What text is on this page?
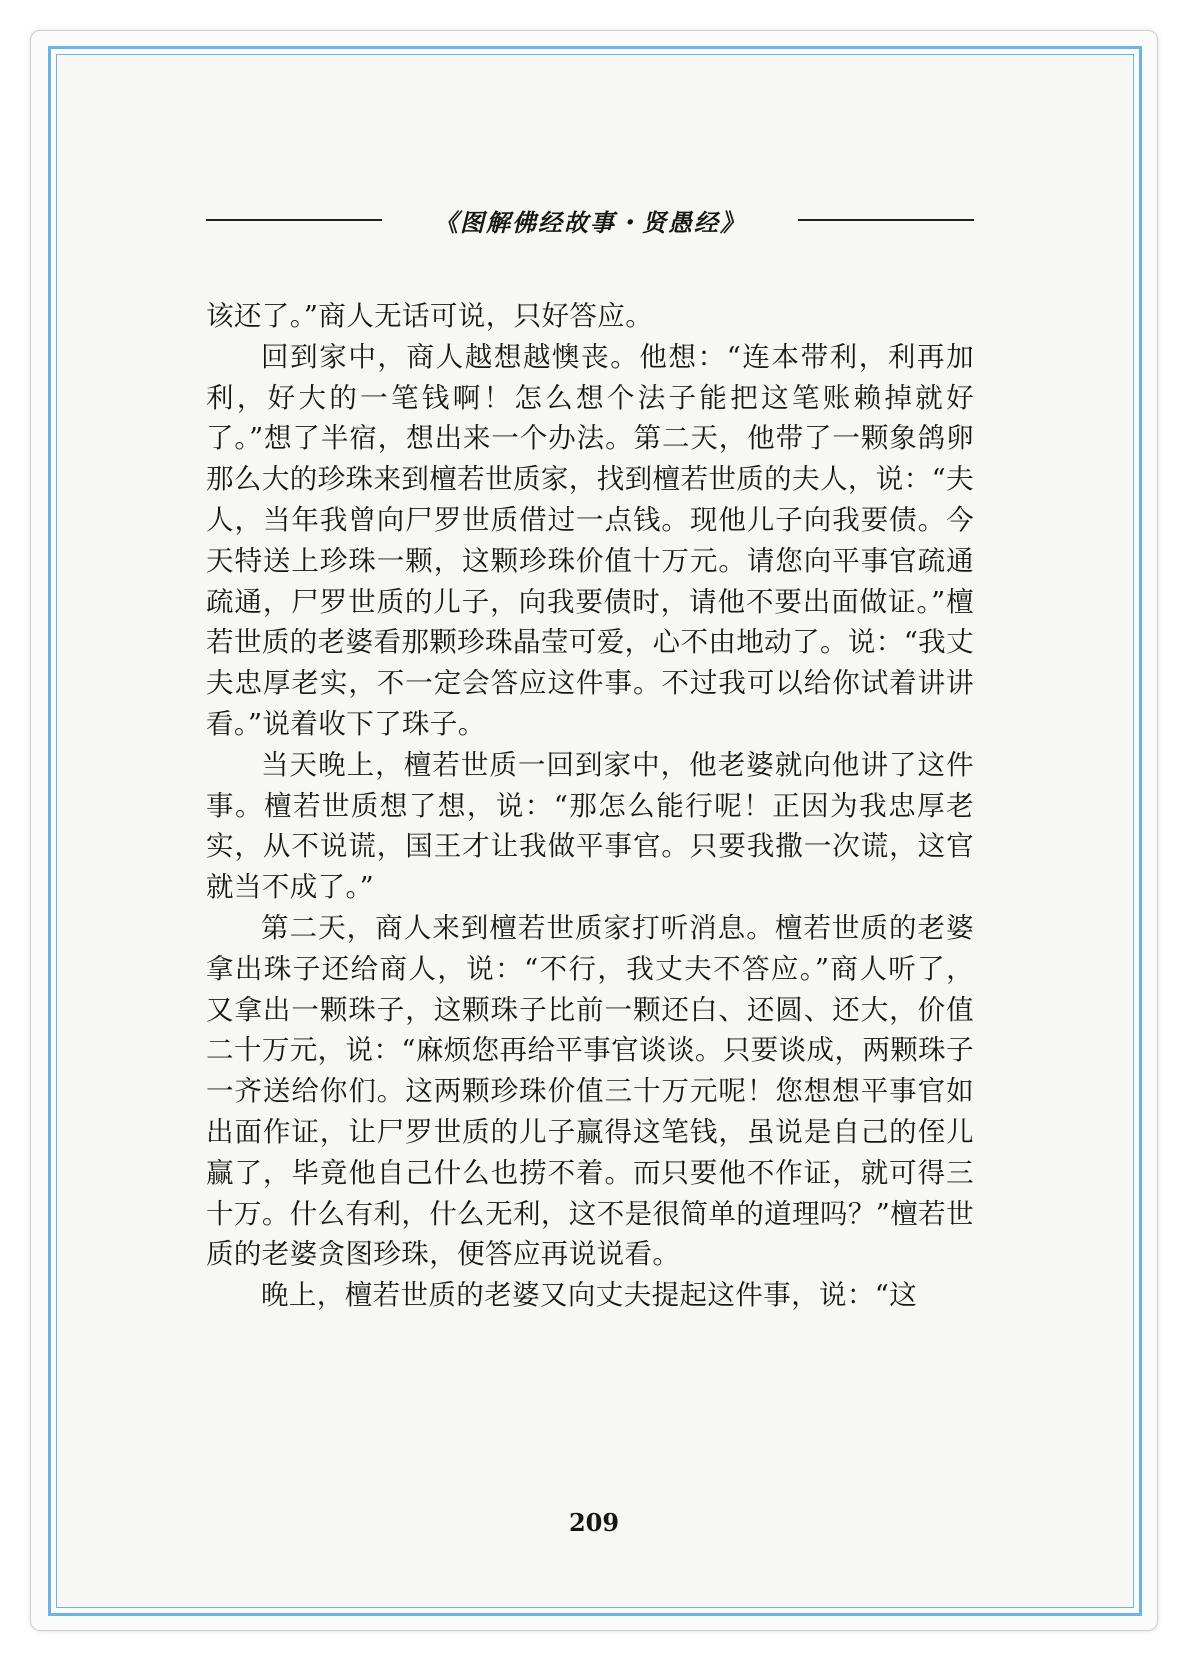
《图解佛经故事・贤愚经》

该还了。”商人无话可说，只好答应。

回到家中，商人越想越懊丧。他想：“连本带利，利再加利，好大的一笔钱啊！怎么想个法子能把这笔账赖掉就好了。”想了半宿，想出来一个办法。第二天，他带了一颗象鸽卵那么大的珍珠来到檀若世质家，找到檀若世质的夫人，说：“夫人，当年我曾向尸罗世质借过一点钱。现他儿子向我要债。今天特送上珍珠一颗，这颗珍珠价值十万元。请您向平事官疏通疏通，尸罗世质的儿子，向我要债时，请他不要出面做证。”檀若世质的老婆看那颗珍珠晶莹可爱，心不由地动了。说：“我丈夫忠厚老实，不一定会答应这件事。不过我可以给你试着讲讲看。”说着收下了珠子。

当天晚上，檀若世质一回到家中，他老婆就向他讲了这件事。檀若世质想了想，说：“那怎么能行呢！正因为我忠厚老实，从不说谎，国王才让我做平事官。只要我撒一次谎，这官就当不成了。”

第二天，商人来到檀若世质家打听消息。檀若世质的老婆拿出珠子还给商人，说：“不行，我丈夫不答应。”商人听了，又拿出一颗珠子，这颗珠子比前一颗还白、还圆、还大，价值二十万元，说：“麻烦您再给平事官谈谈。只要谈成，两颗珠子一齐送给你们。这两颗珍珠价值三十万元呢！您想想平事官如出面作证，让尸罗世质的儿子赢得这笔钱，虽说是自己的侄儿赢了，毕竟他自己什么也捞不着。而只要他不作证，就可得三十万。什么有利，什么无利，这不是很简单的道理吗？”檀若世质的老婆贪图珍珠，便答应再说说看。

晚上，檀若世质的老婆又向丈夫提起这件事，说：“这

209
